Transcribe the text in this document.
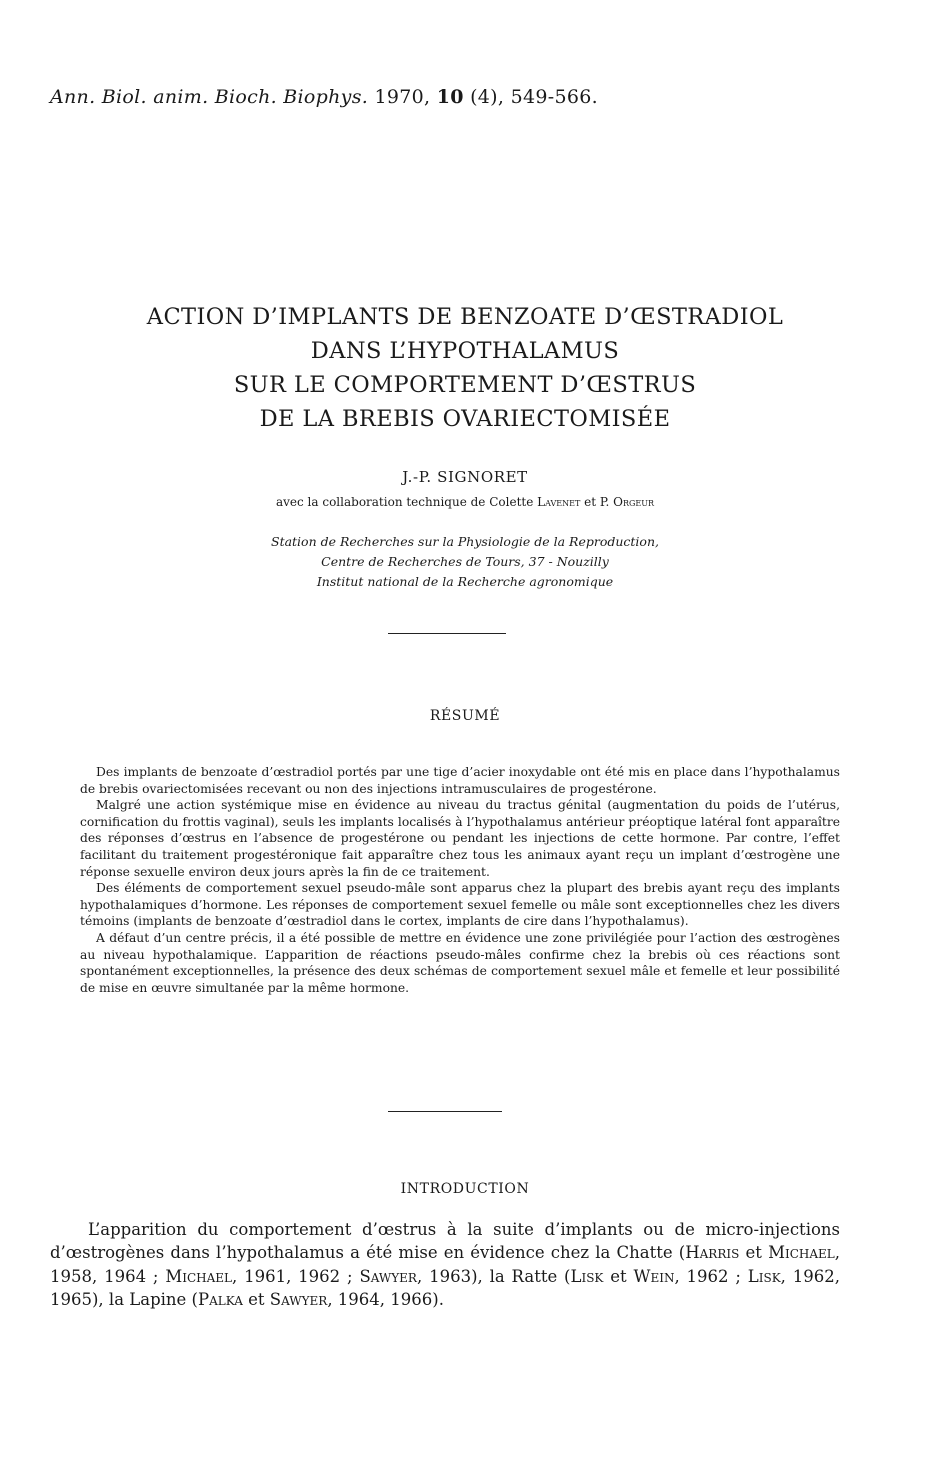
Ann. Biol. anim. Bioch. Biophys. 1970, 10 (4), 549-566.
ACTION D’IMPLANTS DE BENZOATE D’ŒSTRADIOL
DANS L’HYPOTHALAMUS
SUR LE COMPORTEMENT D’ŒSTRUS
DE LA BREBIS OVARIECTOMISÉE
J.-P. SIGNORET
avec la collaboration technique de Colette Lavenet et P. Orgeur
Station de Recherches sur la Physiologie de la Reproduction,
Centre de Recherches de Tours, 37 - Nouzilly
Institut national de la Recherche agronomique
RÉSUMÉ

Des implants de benzoate d’œstradiol portés par une tige d’acier inoxydable ont été mis en place dans l’hypothalamus de brebis ovariectomisées recevant ou non des injections intramusculaires de progestérone.

Malgré une action systémique mise en évidence au niveau du tractus génital (augmentation du poids de l’utérus, cornification du frottis vaginal), seuls les implants localisés à l’hypothalamus antérieur préoptique latéral font apparaître des réponses d’œstrus en l’absence de progestérone ou pendant les injections de cette hormone. Par contre, l’effet facilitant du traitement progestéronique fait apparaître chez tous les animaux ayant reçu un implant d’œstrogène une réponse sexuelle environ deux jours après la fin de ce traitement.

Des éléments de comportement sexuel pseudo-mâle sont apparus chez la plupart des brebis ayant reçu des implants hypothalamiques d’hormone. Les réponses de comportement sexuel femelle ou mâle sont exceptionnelles chez les divers témoins (implants de benzoate d’œstradiol dans le cortex, implants de cire dans l’hypothalamus).

A défaut d’un centre précis, il a été possible de mettre en évidence une zone privilégiée pour l’action des œstrogènes au niveau hypothalamique. L’apparition de réactions pseudo-mâles confirme chez la brebis où ces réactions sont spontanément exceptionnelles, la présence des deux schémas de comportement sexuel mâle et femelle et leur possibilité de mise en œuvre simultanée par la même hormone.

INTRODUCTION

L’apparition du comportement d’œstrus à la suite d’implants ou de micro-injections d’œstrogènes dans l’hypothalamus a été mise en évidence chez la Chatte (Harris et Michael, 1958, 1964 ; Michael, 1961, 1962 ; Sawyer, 1963), la Ratte (Lisk et Wein, 1962 ; Lisk, 1962, 1965), la Lapine (Palka et Sawyer, 1964, 1966).
